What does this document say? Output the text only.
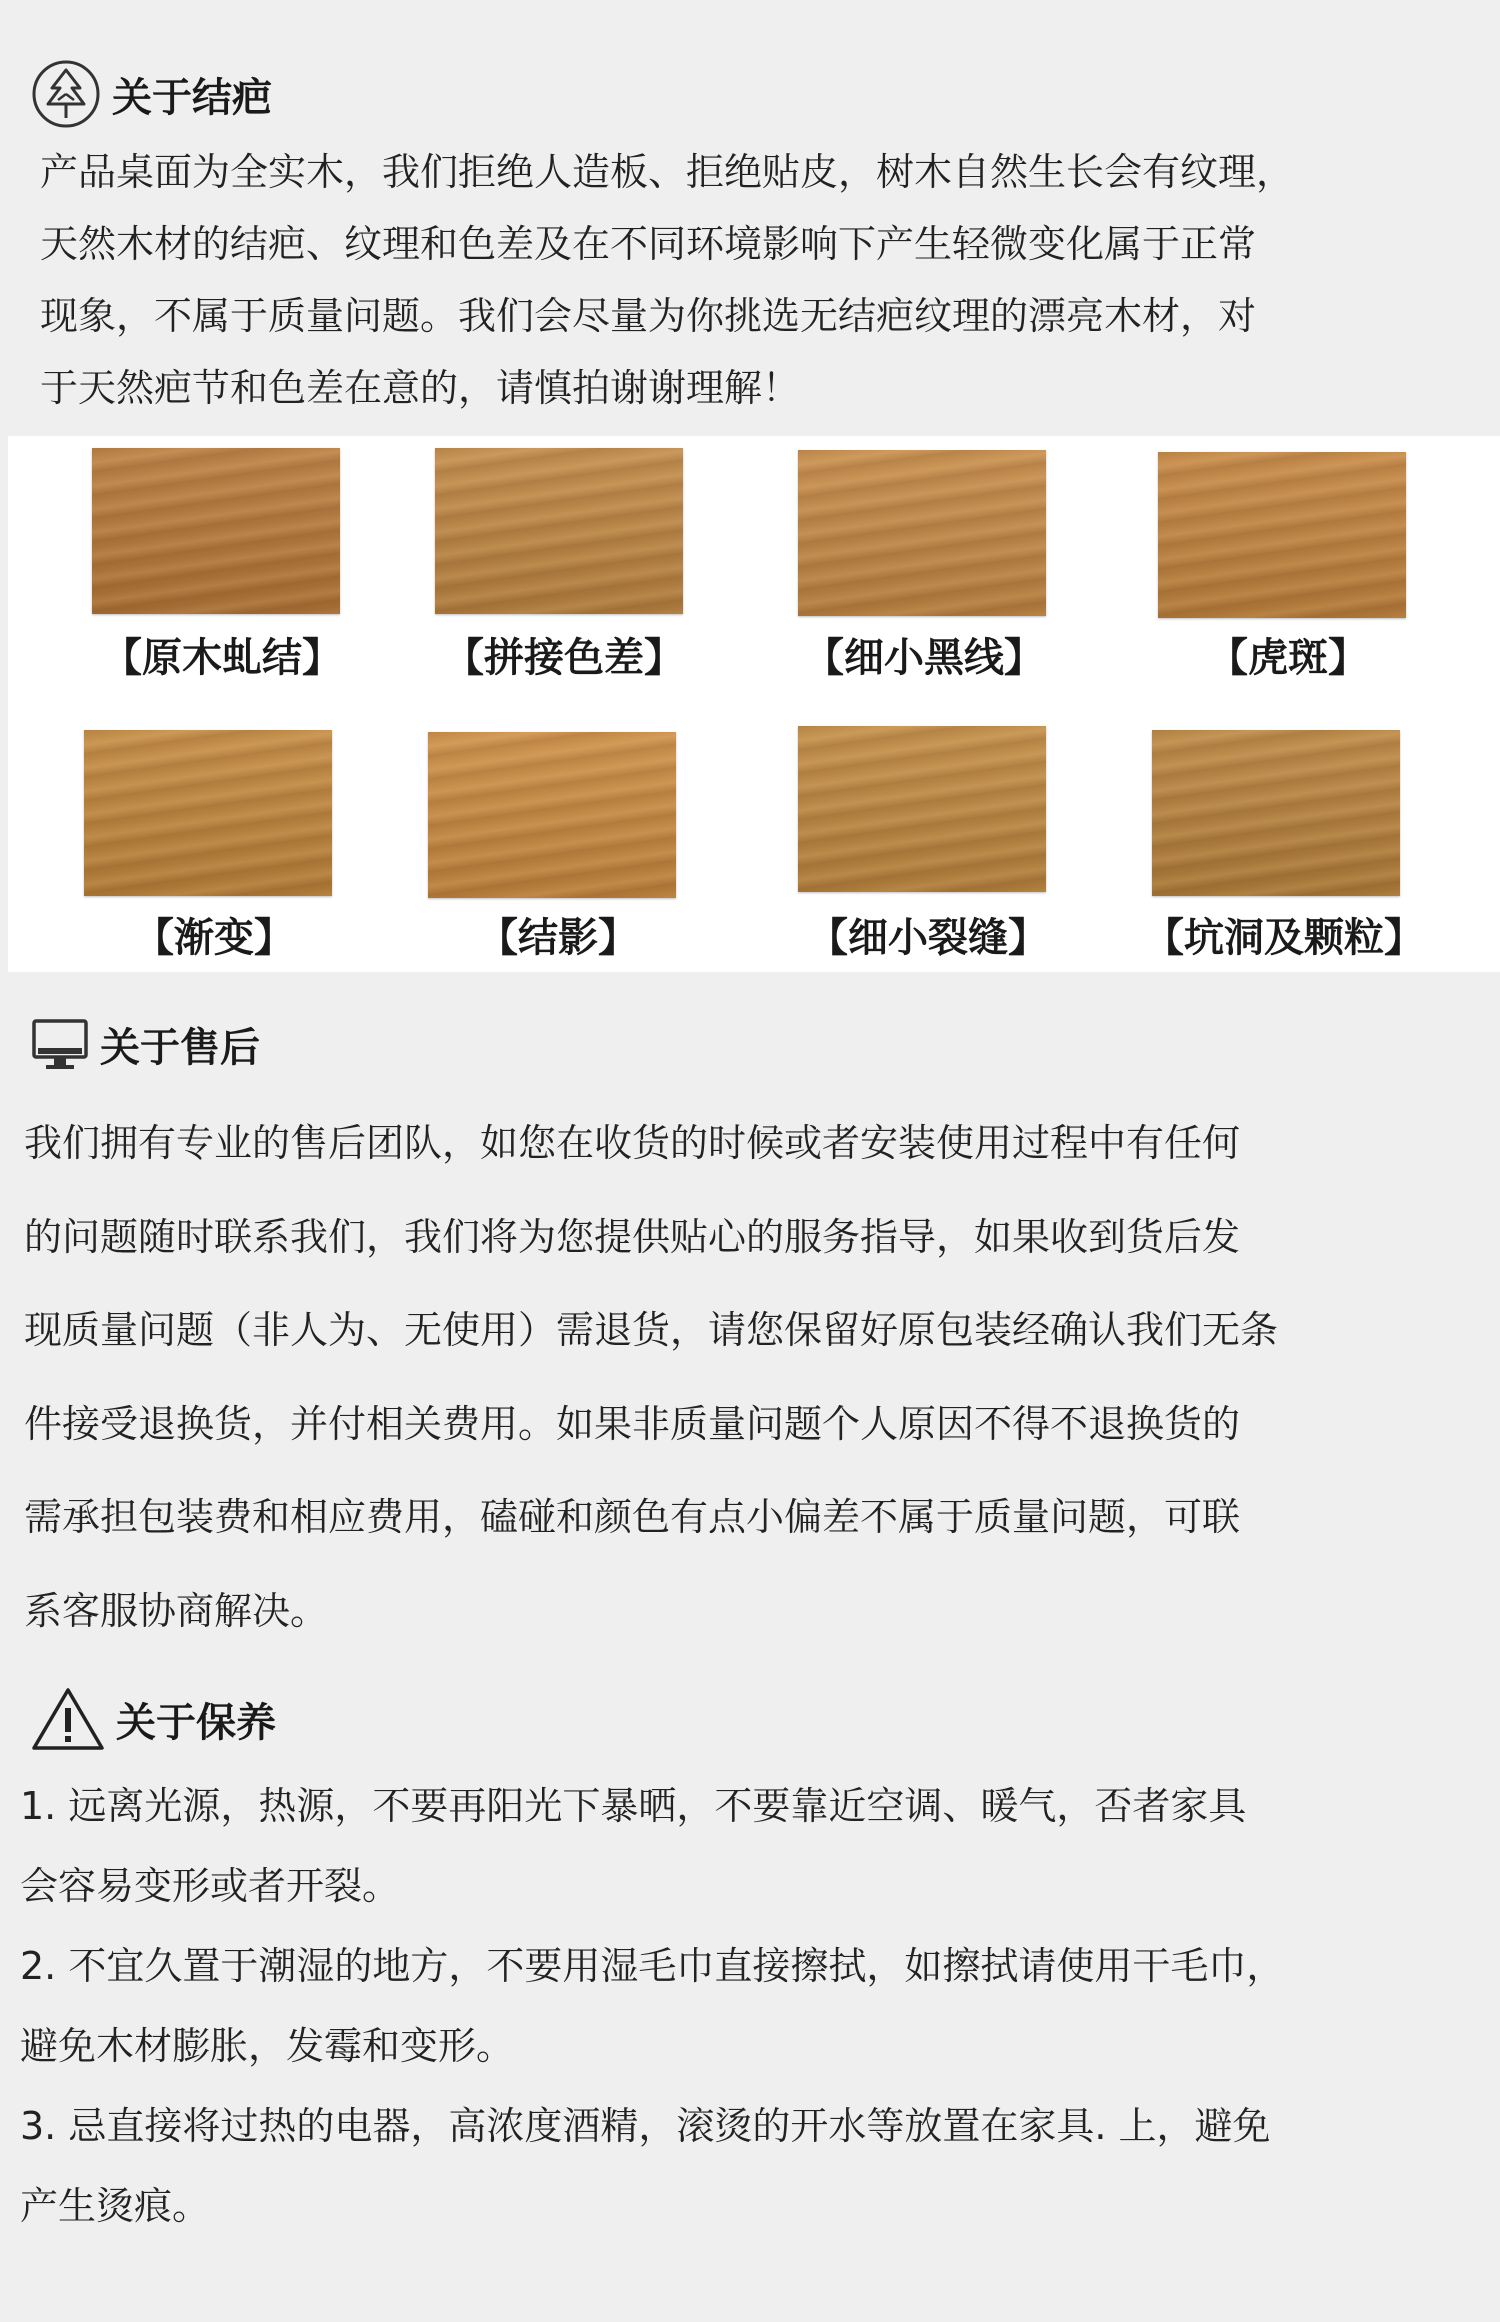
关于结疤

产品桌面为全实木，我们拒绝人造板、拒绝贴皮，树木自然生长会有纹理，

天然木材的结疤、纹理和色差及在不同环境影响下产生轻微变化属于正常

现象，不属于质量问题。我们会尽量为你挑选无结疤纹理的漂亮木材，对

于天然疤节和色差在意的，请慎拍谢谢理解！

【原木虬结】	【拼接色差】	【细小黑线】	【虎斑】
【渐变】	【结影】	【细小裂缝】	【坑洞及颗粒】
关于售后

我们拥有专业的售后团队，如您在收货的时候或者安装使用过程中有任何

的问题随时联系我们，我们将为您提供贴心的服务指导，如果收到货后发

现质量问题（非人为、无使用）需退货，请您保留好原包装经确认我们无条

件接受退换货，并付相关费用。如果非质量问题个人原因不得不退换货的

需承担包装费和相应费用，磕碰和颜色有点小偏差不属于质量问题，可联

系客服协商解决。

关于保养

1. 远离光源，热源，不要再阳光下暴晒，不要靠近空调、暖气，否者家具

会容易变形或者开裂。

2. 不宜久置于潮湿的地方，不要用湿毛巾直接擦拭，如擦拭请使用干毛巾，

避免木材膨胀，发霉和变形。

3. 忌直接将过热的电器，高浓度酒精，滚烫的开水等放置在家具. 上，避免

产生烫痕。
